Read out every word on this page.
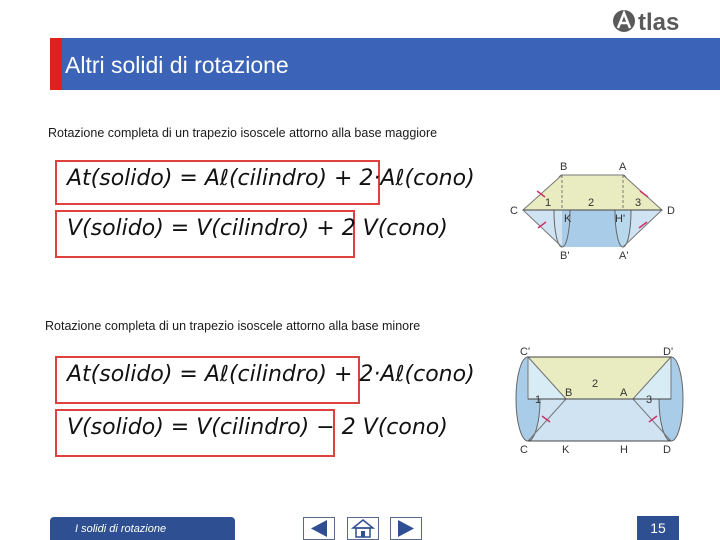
tlas
Altri solidi di rotazione
Rotazione completa di un trapezio isoscele attorno alla base maggiore
At(solido) = Aℓ(cilindro) + 2·Aℓ(cono)
V(solido) = V(cilindro) + 2 V(cono)
B	A
C	D
K	H'
B'	A'
1	2	3
Rotazione completa di un trapezio isoscele attorno alla base minore
At(solido) = Aℓ(cilindro) + 2·Aℓ(cono)
V(solido) = V(cilindro) − 2 V(cono)
C'	D'
B	A
C	K	H	D
1
2
3
I solidi di rotazione	15
